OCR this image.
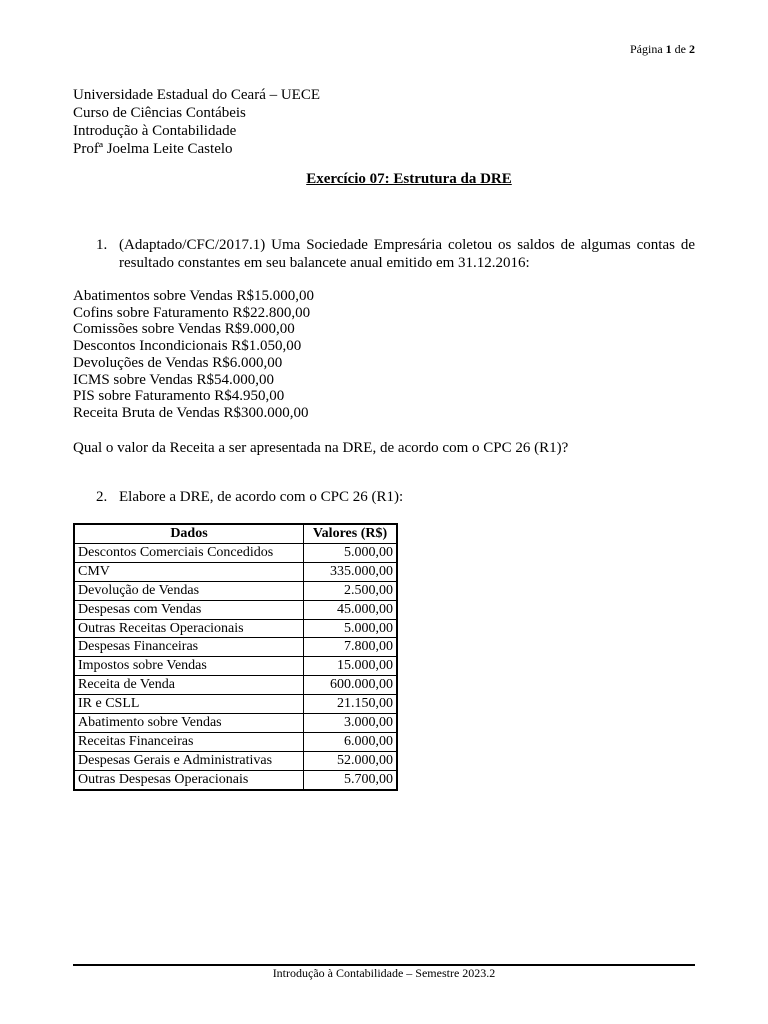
Página 1 de 2
Universidade Estadual do Ceará – UECE
Curso de Ciências Contábeis
Introdução à Contabilidade
Profª Joelma Leite Castelo
Exercício 07: Estrutura da DRE
1. (Adaptado/CFC/2017.1) Uma Sociedade Empresária coletou os saldos de algumas contas de resultado constantes em seu balancete anual emitido em 31.12.2016:
Abatimentos sobre Vendas R$15.000,00
Cofins sobre Faturamento R$22.800,00
Comissões sobre Vendas R$9.000,00
Descontos Incondicionais R$1.050,00
Devoluções de Vendas R$6.000,00
ICMS sobre Vendas R$54.000,00
PIS sobre Faturamento R$4.950,00
Receita Bruta de Vendas R$300.000,00
Qual o valor da Receita a ser apresentada na DRE, de acordo com o CPC 26 (R1)?
2. Elabore a DRE, de acordo com o CPC 26 (R1):
Dados	Valores (R$)
Descontos Comerciais Concedidos	5.000,00
CMV	335.000,00
Devolução de Vendas	2.500,00
Despesas com Vendas	45.000,00
Outras Receitas Operacionais	5.000,00
Despesas Financeiras	7.800,00
Impostos sobre Vendas	15.000,00
Receita de Venda	600.000,00
IR e CSLL	21.150,00
Abatimento sobre Vendas	3.000,00
Receitas Financeiras	6.000,00
Despesas Gerais e Administrativas	52.000,00
Outras Despesas Operacionais	5.700,00
Introdução à Contabilidade – Semestre 2023.2
